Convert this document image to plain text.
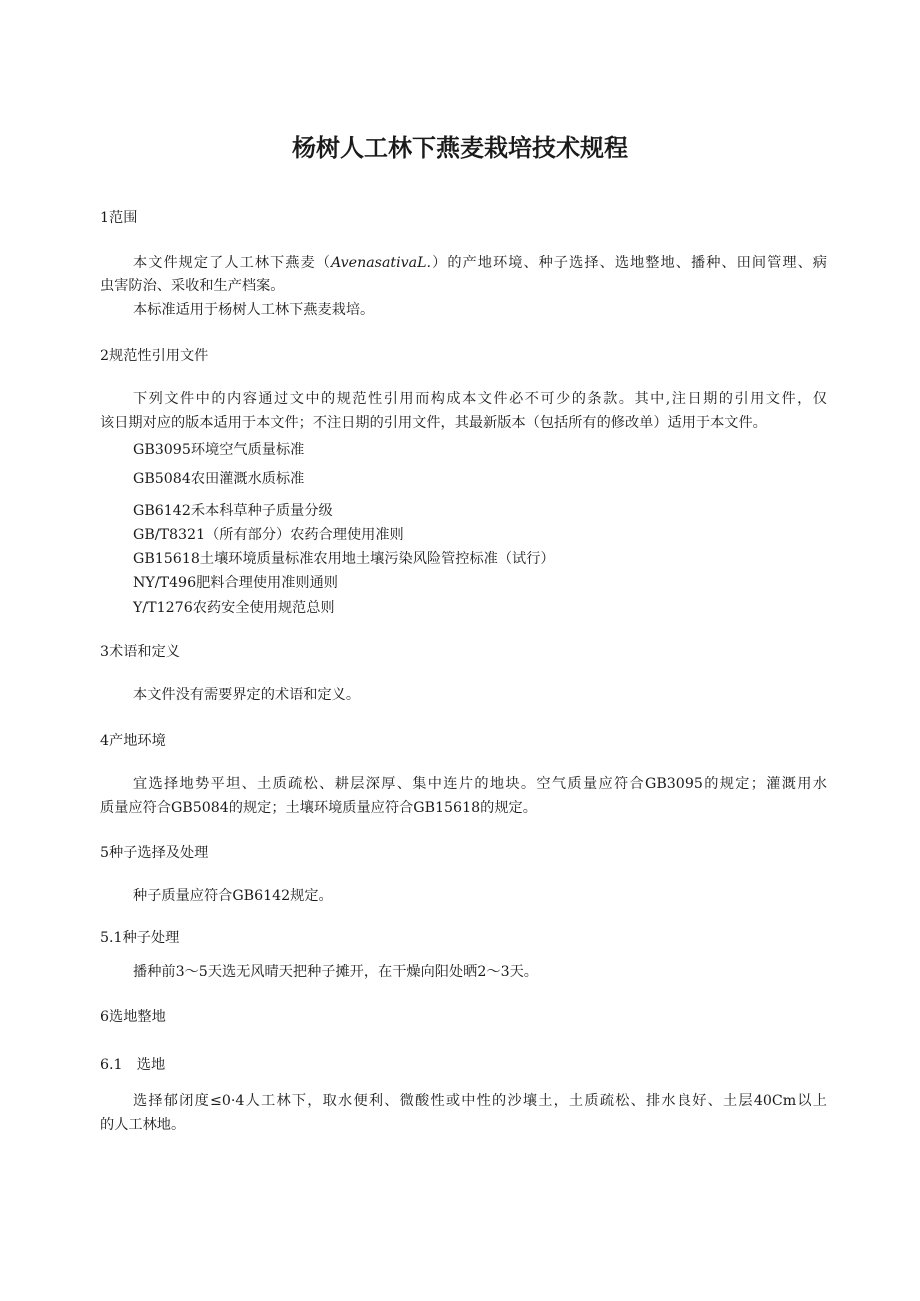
杨树人工林下燕麦栽培技术规程

1范围

本文件规定了人工林下燕麦（AvenasativaL.）的产地环境、种子选择、选地整地、播种、田间管理、病

虫害防治、采收和生产档案。

本标准适用于杨树人工林下燕麦栽培。

2规范性引用文件

下列文件中的内容通过文中的规范性引用而构成本文件必不可少的条款。其中,注日期的引用文件，仅

该日期对应的版本适用于本文件；不注日期的引用文件，其最新版本（包括所有的修改单）适用于本文件。

GB3095环境空气质量标准

GB5084农田灌溉水质标准

GB6142禾本科草种子质量分级

GB/T8321（所有部分）农药合理使用准则

GB15618土壤环境质量标准农用地土壤污染风险管控标准（试行）

NY/T496肥料合理使用准则通则

Y/T1276农药安全使用规范总则

3术语和定义

本文件没有需要界定的术语和定义。

4产地环境

宜选择地势平坦、土质疏松、耕层深厚、集中连片的地块。空气质量应符合GB3095的规定；灌溉用水

质量应符合GB5084的规定；土壤环境质量应符合GB15618的规定。

5种子选择及处理

种子质量应符合GB6142规定。

5.1种子处理

播种前3～5天选无风晴天把种子摊开，在干燥向阳处晒2～3天。

6选地整地

6.1　选地

选择郁闭度≤0·4人工林下，取水便利、微酸性或中性的沙壤土，土质疏松、排水良好、土层40Cm以上

的人工林地。
